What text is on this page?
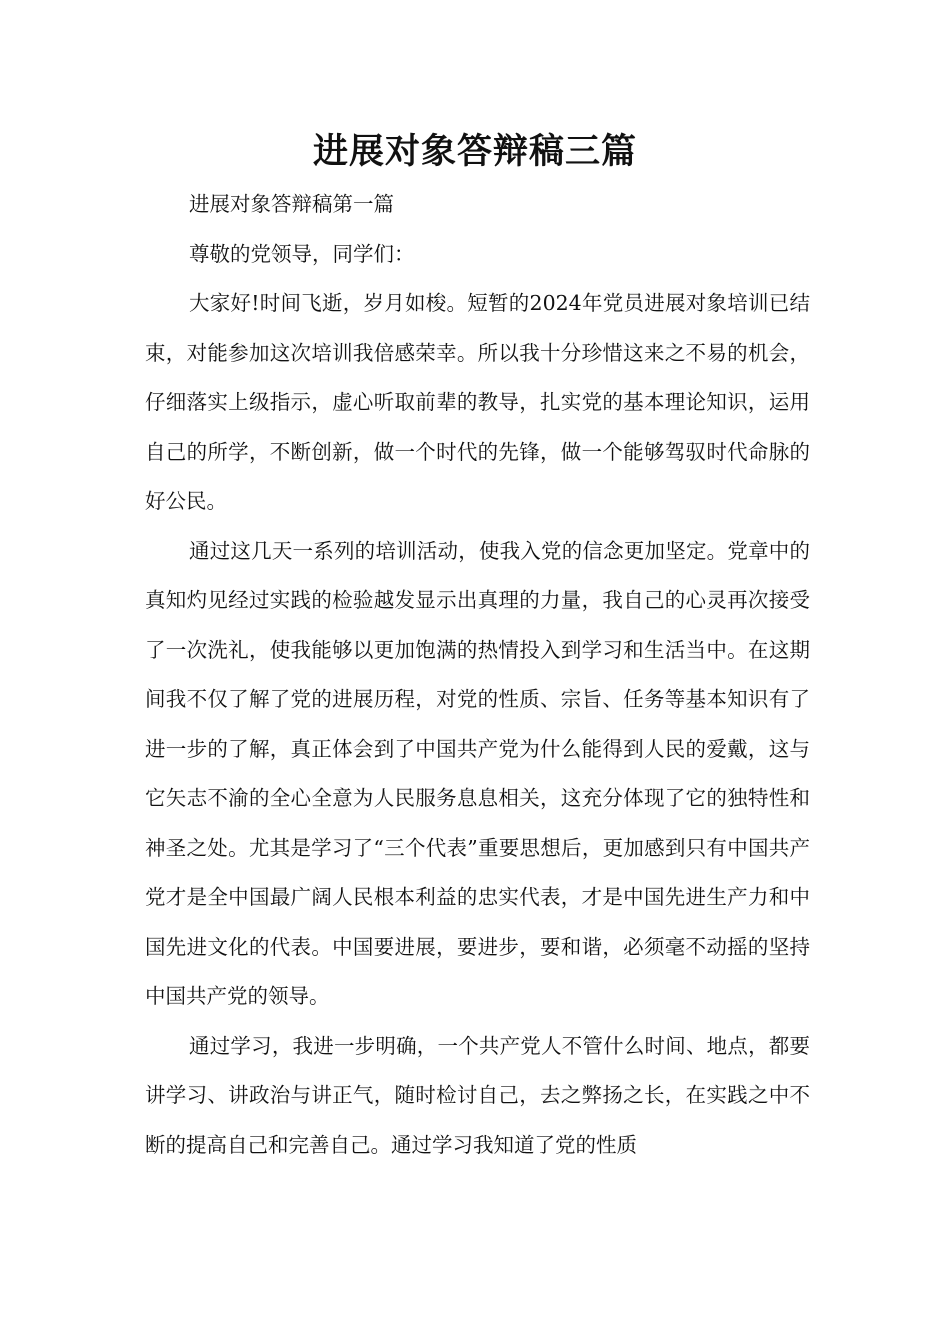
进展对象答辩稿三篇

进展对象答辩稿第一篇

尊敬的党领导，同学们：

大家好!时间飞逝，岁月如梭。短暂的2024年党员进展对象培训已结束，对能参加这次培训我倍感荣幸。所以我十分珍惜这来之不易的机会，仔细落实上级指示，虚心听取前辈的教导，扎实党的基本理论知识，运用自己的所学，不断创新，做一个时代的先锋，做一个能够驾驭时代命脉的好公民。

通过这几天一系列的培训活动，使我入党的信念更加坚定。党章中的真知灼见经过实践的检验越发显示出真理的力量，我自己的心灵再次接受了一次洗礼，使我能够以更加饱满的热情投入到学习和生活当中。在这期间我不仅了解了党的进展历程，对党的性质、宗旨、任务等基本知识有了进一步的了解，真正体会到了中国共产党为什么能得到人民的爱戴，这与它矢志不渝的全心全意为人民服务息息相关，这充分体现了它的独特性和神圣之处。尤其是学习了“三个代表”重要思想后，更加感到只有中国共产党才是全中国最广阔人民根本利益的忠实代表，才是中国先进生产力和中国先进文化的代表。中国要进展，要进步，要和谐，必须毫不动摇的坚持中国共产党的领导。

通过学习，我进一步明确，一个共产党人不管什么时间、地点，都要讲学习、讲政治与讲正气，随时检讨自己，去之弊扬之长，在实践之中不断的提高自己和完善自己。通过学习我知道了党的性质
